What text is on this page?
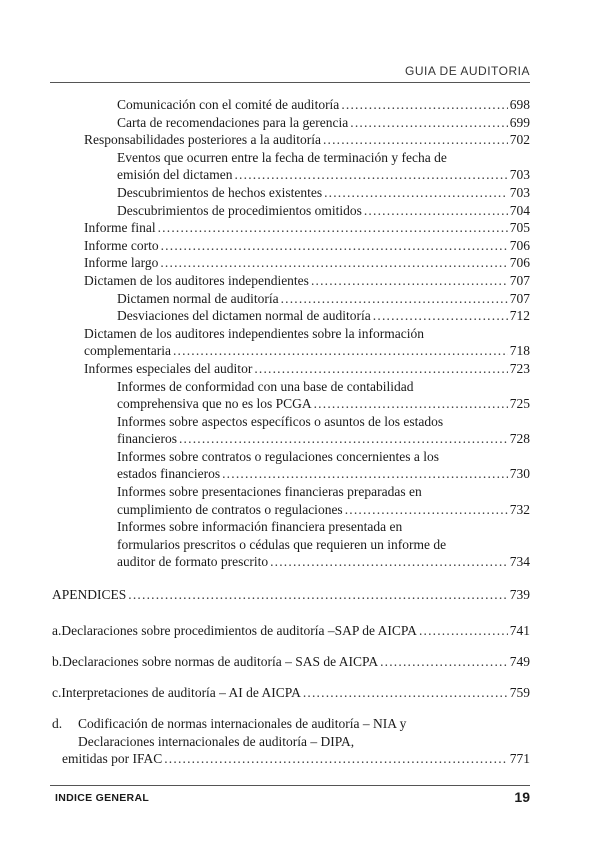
GUIA DE AUDITORIA
Comunicación con el comité de auditoría .....	698
Carta de recomendaciones para la gerencia .....	699
Responsabilidades posteriores a la auditoría .....	702
Eventos que ocurren entre la fecha de terminación y fecha de
emisión del dictamen .....	703
Descubrimientos de hechos existentes .....	703
Descubrimientos de procedimientos omitidos .....	704
Informe final .....	705
Informe corto .....	706
Informe largo .....	706
Dictamen de los auditores independientes .....	707
Dictamen normal de auditoría .....	707
Desviaciones del dictamen normal de auditoría .....	712
Dictamen de los auditores independientes sobre la información
complementaria .....	718
Informes especiales del auditor .....	723
Informes de conformidad con una base de contabilidad
comprehensiva que no es los PCGA .....	725
Informes sobre aspectos específicos o asuntos de los estados
financieros .....	728
Informes sobre contratos o regulaciones concernientes a los
estados financieros .....	730
Informes sobre presentaciones financieras preparadas en
cumplimiento de contratos o regulaciones .....	732
Informes sobre información financiera presentada en
formularios prescritos o cédulas que requieren un informe de
auditor de formato prescrito .....	734
APENDICES .....	739
a. Declaraciones sobre procedimientos de auditoría –SAP de AICPA .....	741
b. Declaraciones sobre normas de auditoría – SAS de AICPA .....	749
c. Interpretaciones de auditoría – AI de AICPA .....	759
d.	Codificación de normas internacionales de auditoría – NIA y
Declaraciones internacionales de auditoría – DIPA,
emitidas por IFAC .....	771
INDICE GENERAL	19
